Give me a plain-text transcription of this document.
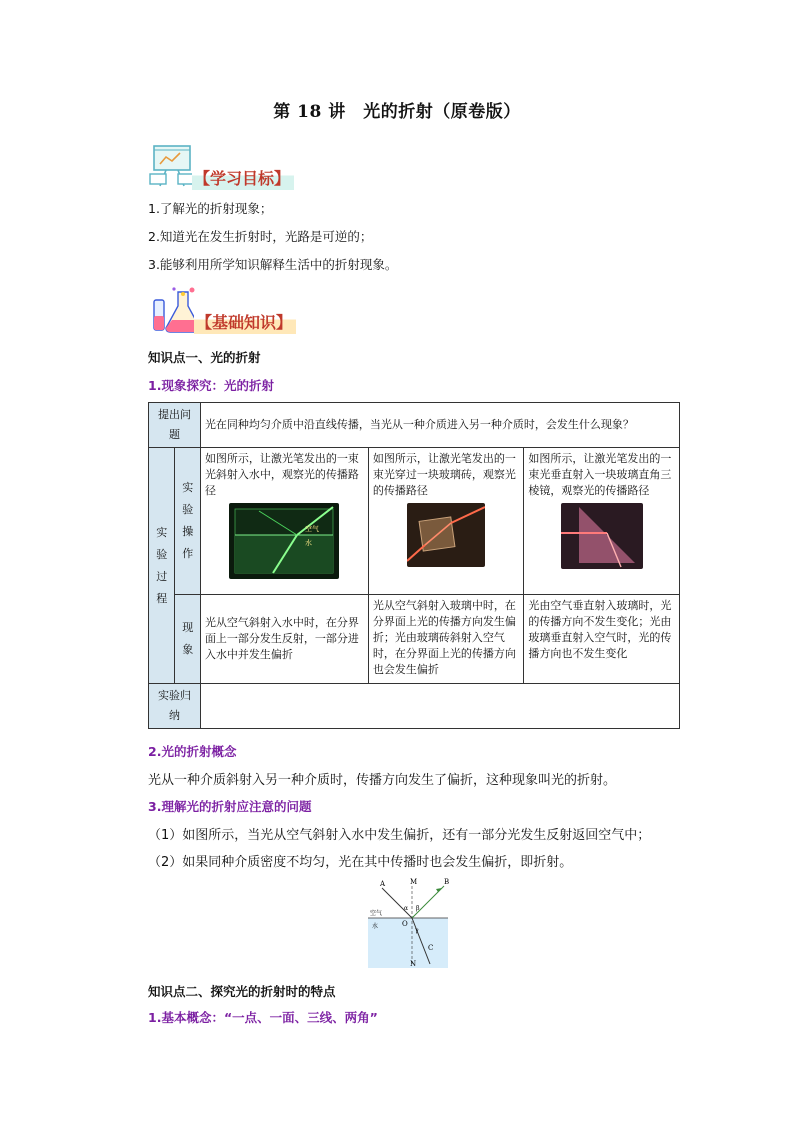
第 18 讲　光的折射（原卷版）
【学习目标】
1.了解光的折射现象；
2.知道光在发生折射时，光路是可逆的；
3.能够利用所学知识解释生活中的折射现象。
【基础知识】
知识点一、光的折射
1.现象探究：光的折射
提出问题		光在同种均匀介质中沿直线传播，当光从一种介质进入另一种介质时，会发生什么现象？		
实验过程	实验操作	如图所示，让激光笔发出的一束光斜射入水中，观察光的传播路径
空气
水	如图所示，让激光笔发出的一束光穿过一块玻璃砖，观察光的传播路径	如图所示，让激光笔发出的一束光垂直射入一块玻璃直角三棱镜，观察光的传播路径

	现象	光从空气斜射入水中时，在分界面上一部分发生反射，一部分进入水中并发生偏折	光从空气斜射入玻璃中时，在分界面上光的传播方向发生偏折；光由玻璃砖斜射入空气时，在分界面上光的传播方向也会发生偏折	光由空气垂直射入玻璃时，光的传播方向不发生变化；光由玻璃垂直射入空气时，光的传播方向也不发生变化
实验归纳				
2.光的折射概念
光从一种介质斜射入另一种介质时，传播方向发生了偏折，这种现象叫光的折射。
3.理解光的折射应注意的问题
（1）如图所示，当光从空气斜射入水中发生偏折，还有一部分光发生反射返回空气中；
（2）如果同种介质密度不均匀，光在其中传播时也会发生偏折，即折射。
A	M	B
O
N
C
α β
γ
空气
水
知识点二、探究光的折射时的特点
1.基本概念：“一点、一面、三线、两角”
